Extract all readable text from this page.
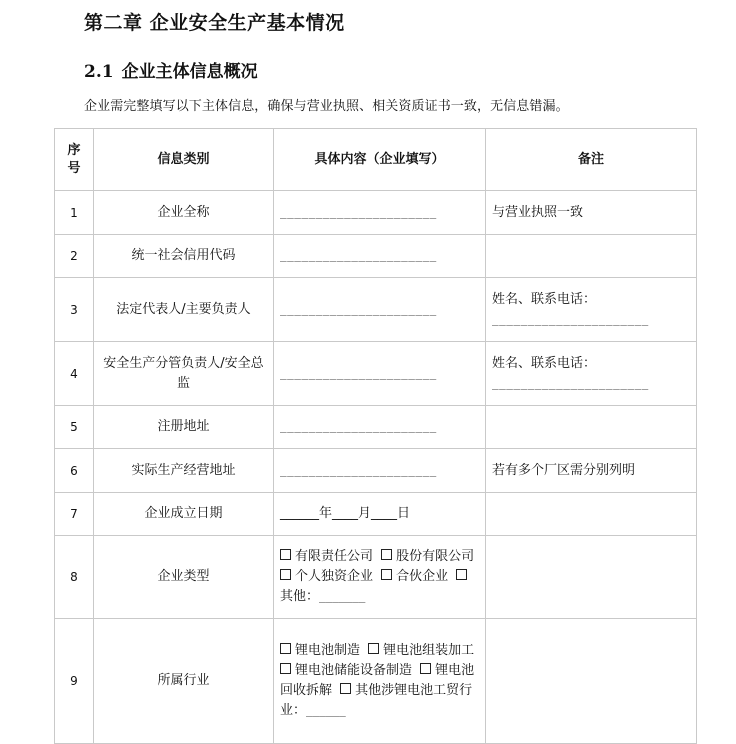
第二章 企业安全生产基本情况
2.1 企业主体信息概况

企业需完整填写以下主体信息，确保与营业执照、相关资质证书一致，无信息错漏。

序号	信息类别	具体内容（企业填写）	备注
1	企业全称	______________________	与营业执照一致
2	统一社会信用代码	______________________	

3	法定代表人/主要负责人	______________________	姓名、联系电话：
______________________

4	安全生产分管负责人/安全总监	______________________	姓名、联系电话：
______________________

5	注册地址	______________________	

6	实际生产经营地址	______________________	若有多个厂区需分别列明
7	企业成立日期	______年____月____日	
8	企业类型	有限责任公司 股份有限公司 个人独资企业 合伙企业 其他：_______	
9	所属行业	锂电池制造 锂电池组装加工 锂电池储能设备制造 锂电池回收拆解 其他涉锂电池工贸行业：______	
